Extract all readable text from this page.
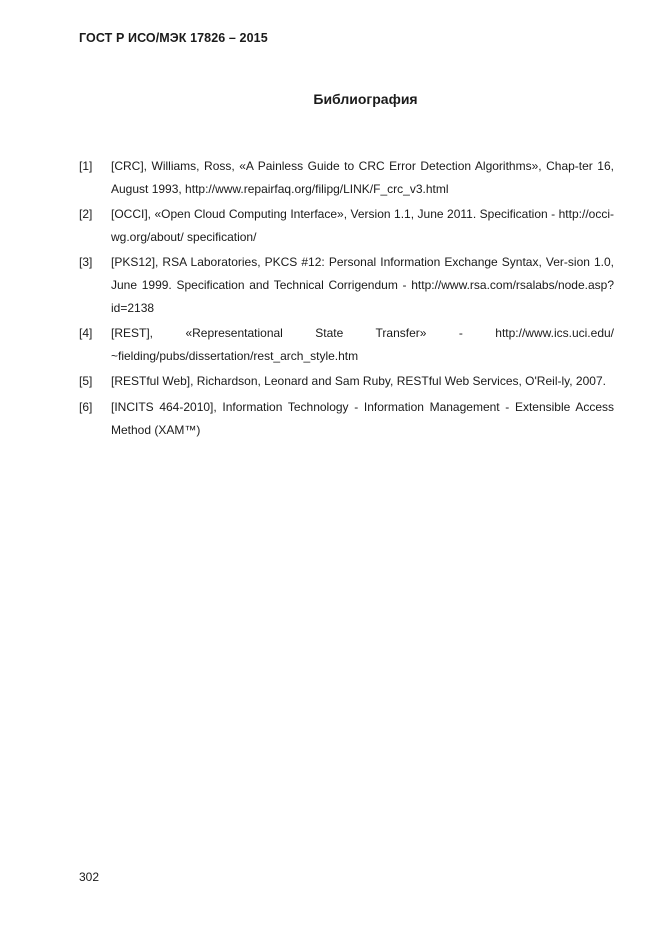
ГОСТ Р ИСО/МЭК 17826 – 2015
Библиография
[1]	[CRC], Williams, Ross, «A Painless Guide to CRC Error Detection Algorithms», Chap-ter 16, August 1993, http://www.repairfaq.org/filipg/LINK/F_crc_v3.html
[2]	[OCCI], «Open Cloud Computing Interface», Version 1.1, June 2011. Specification - http://occi-wg.org/about/ specification/
[3]	[PKS12], RSA Laboratories, PKCS #12: Personal Information Exchange Syntax, Ver-sion 1.0, June 1999. Specification and Technical Corrigendum - http://www.rsa.com/rsalabs/node.asp?id=2138
[4]	[REST], «Representational State Transfer» - http://www.ics.uci.edu/ ~fielding/pubs/dissertation/rest_arch_style.htm
[5]	[RESTful Web], Richardson, Leonard and Sam Ruby, RESTful Web Services, O'Reil-ly, 2007.
[6]	[INCITS 464-2010], Information Technology - Information Management - Extensible Access Method (XAM™)
302
